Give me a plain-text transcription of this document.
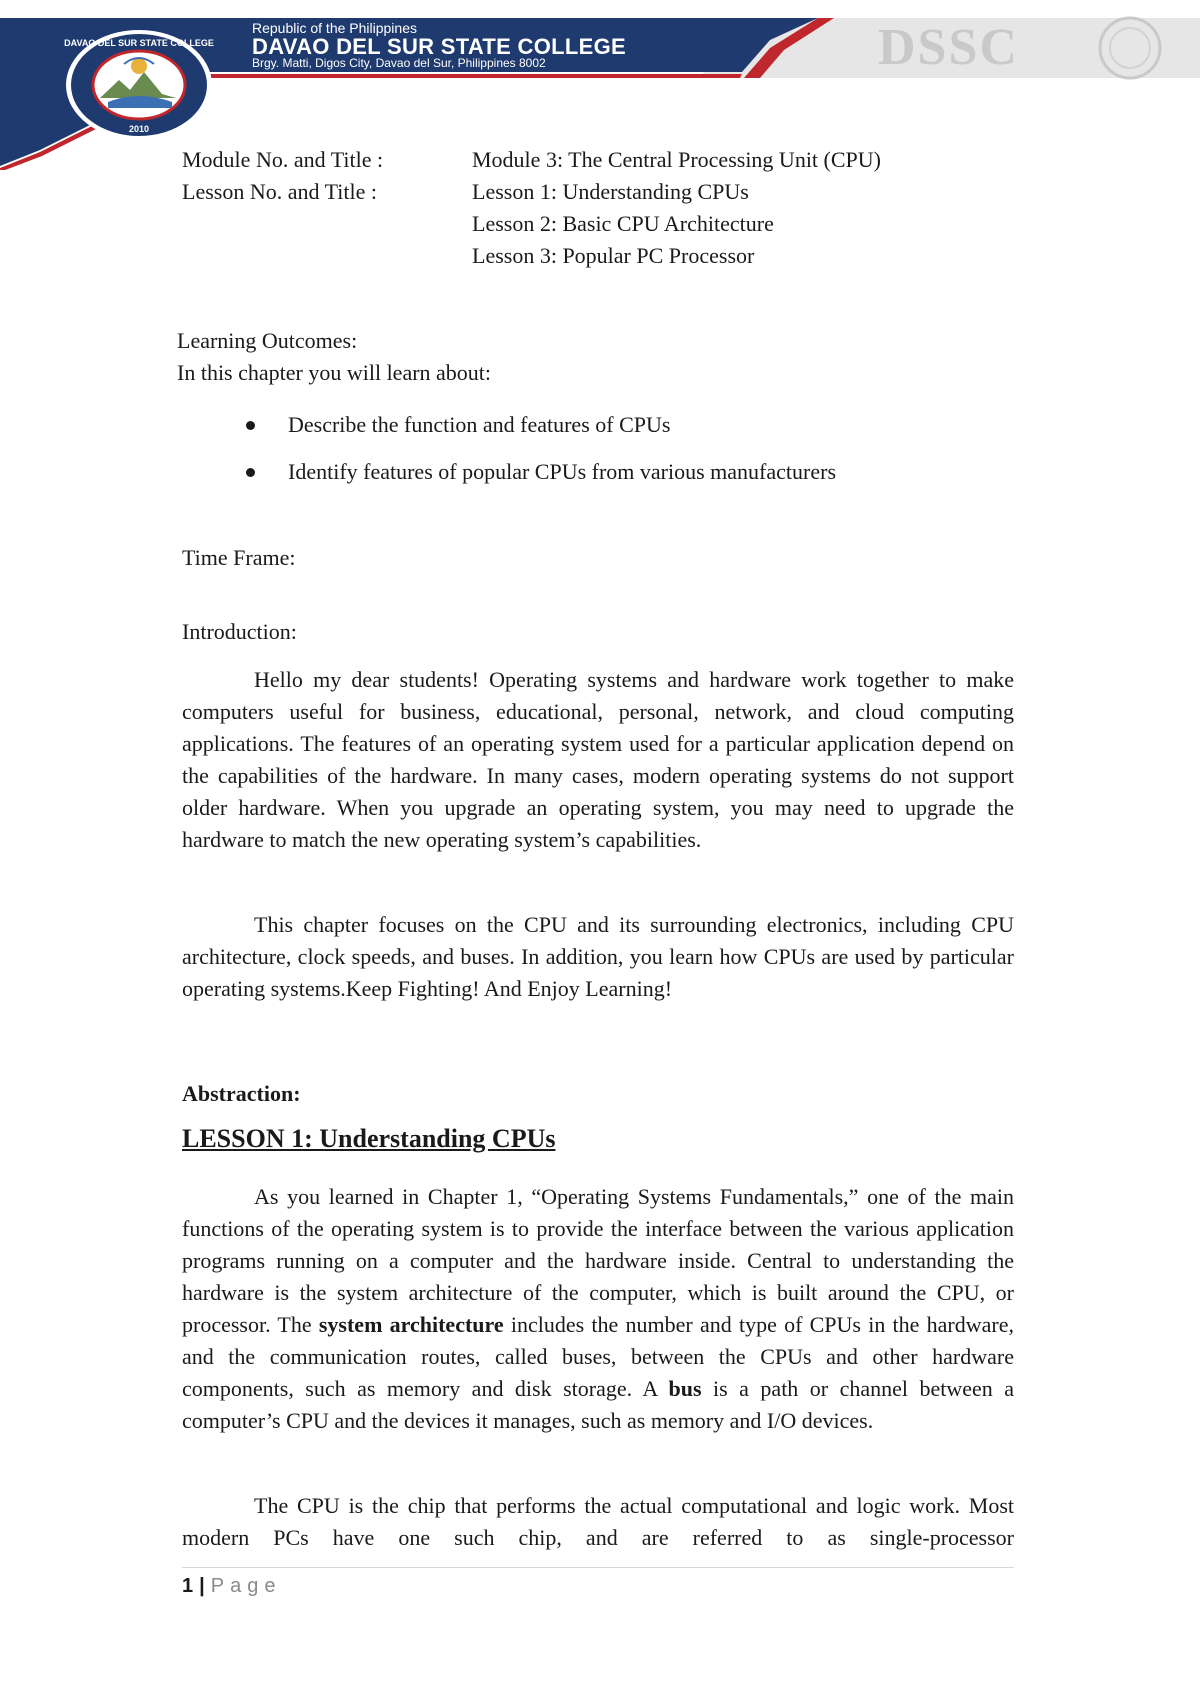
DAVAO DEL SUR STATE COLLEGE
2010
Republic of the Philippines
DAVAO DEL SUR STATE COLLEGE
Brgy. Matti, Digos City, Davao del Sur, Philippines 8002	DSSC
Module No. and Title :	Module 3: The Central Processing Unit (CPU)
Lesson No. and Title :	Lesson 1: Understanding CPUs
Lesson 2: Basic CPU Architecture
Lesson 3: Popular PC Processor
Learning Outcomes:
In this chapter you will learn about:
Describe the function and features of CPUs
Identify features of popular CPUs from various manufacturers
Time Frame:
Introduction:

Hello my dear students! Operating systems and hardware work together to make computers useful for business, educational, personal, network, and cloud computing applications. The features of an operating system used for a particular application depend on the capabilities of the hardware. In many cases, modern operating systems do not support older hardware. When you upgrade an operating system, you may need to upgrade the hardware to match the new operating system’s capabilities.

This chapter focuses on the CPU and its surrounding electronics, including CPU architecture, clock speeds, and buses. In addition, you learn how CPUs are used by particular operating systems.Keep Fighting! And Enjoy Learning!

Abstraction:
LESSON 1: Understanding CPUs

As you learned in Chapter 1, “Operating Systems Fundamentals,” one of the main functions of the operating system is to provide the interface between the various application programs running on a computer and the hardware inside. Central to understanding the hardware is the system architecture of the computer, which is built around the CPU, or processor. The system architecture includes the number and type of CPUs in the hardware, and the communication routes, called buses, between the CPUs and other hardware components, such as memory and disk storage. A bus is a path or channel between a computer’s CPU and the devices it manages, such as memory and I/O devices.

The CPU is the chip that performs the actual computational and logic work. Most modern PCs have one such chip, and are referred to as single-processor

1 | Page
